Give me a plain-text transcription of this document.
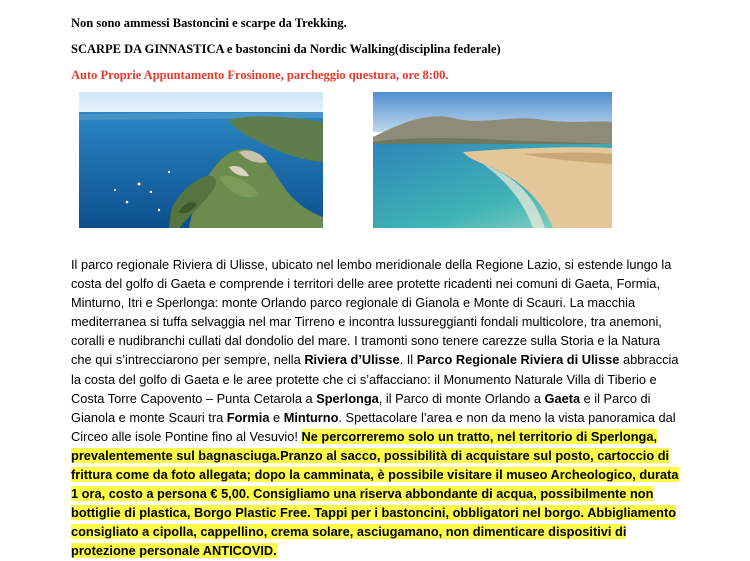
Non sono ammessi Bastoncini e scarpe da Trekking.
SCARPE DA GINNASTICA e bastoncini da Nordic Walking(disciplina federale)
Auto Proprie Appuntamento Frosinone, parcheggio questura, ore 8:00.
Il parco regionale Riviera di Ulisse, ubicato nel lembo meridionale della Regione Lazio, si estende lungo la costa del golfo di Gaeta e comprende i territori delle aree protette ricadenti nei comuni di Gaeta, Formia, Minturno, Itri e Sperlonga: monte Orlando parco regionale di Gianola e Monte di Scauri. La macchia mediterranea si tuffa selvaggia nel mar Tirreno e incontra lussureggianti fondali multicolore, tra anemoni, coralli e nudibranchi cullati dal dondolio del mare. I tramonti sono tenere carezze sulla Storia e la Natura che qui s’intrecciarono per sempre, nella Riviera d’Ulisse. Il Parco Regionale Riviera di Ulisse abbraccia la costa del golfo di Gaeta e le aree protette che ci s’affacciano: il Monumento Naturale Villa di Tiberio e Costa Torre Capovento – Punta Cetarola a Sperlonga, il Parco di monte Orlando a Gaeta e il Parco di Gianola e monte Scauri tra Formia e Minturno. Spettacolare l’area e non da meno la vista panoramica dal Circeo alle isole Pontine fino al Vesuvio! Ne percorreremo solo un tratto, nel territorio di Sperlonga, prevalentemente sul bagnasciuga.Pranzo al sacco, possibilità di acquistare sul posto, cartoccio di frittura come da foto allegata; dopo la camminata, è possibile visitare il museo Archeologico, durata 1 ora, costo a persona € 5,00. Consigliamo una riserva abbondante di acqua, possibilmente non bottiglie di plastica, Borgo Plastic Free. Tappi per i bastoncini, obbligatori nel borgo. Abbigliamento consigliato a cipolla, cappellino, crema solare, asciugamano, non dimenticare dispositivi di protezione personale ANTICOVID.
